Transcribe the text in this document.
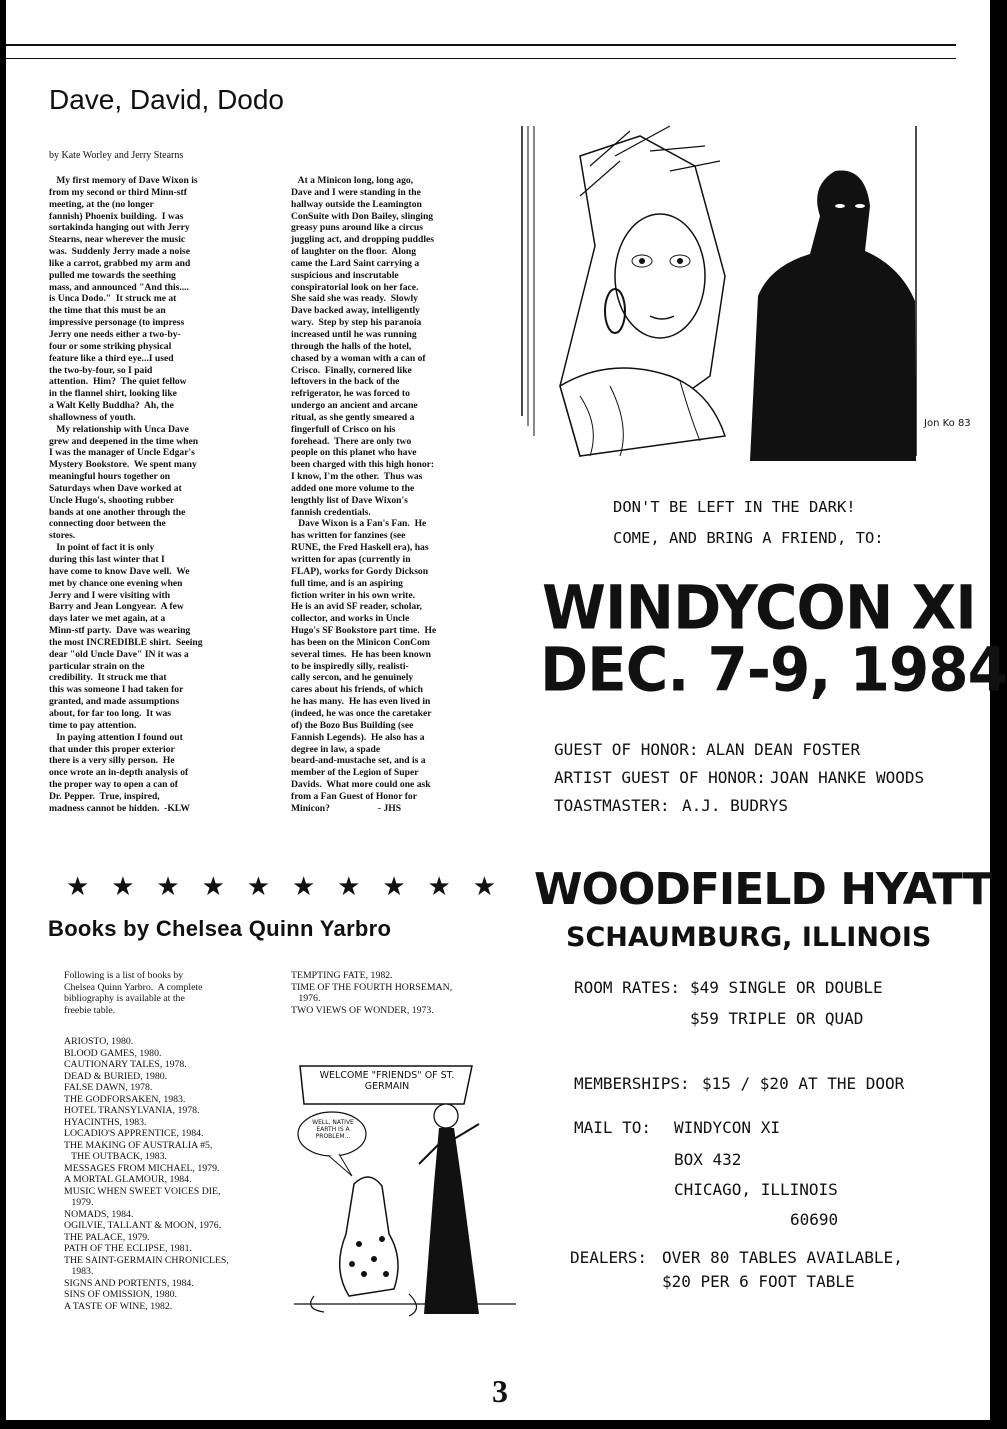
Dave, David, Dodo
by Kate Worley and Jerry Stearns
My first memory of Dave Wixon is
from my second or third Minn-stf
meeting, at the (no longer
fannish) Phoenix building.  I was
sortakinda hanging out with Jerry
Stearns, near wherever the music
was.  Suddenly Jerry made a noise
like a carrot, grabbed my arm and
pulled me towards the seething
mass, and announced "And this....
is Unca Dodo."  It struck me at
the time that this must be an
impressive personage (to impress
Jerry one needs either a two-by-
four or some striking physical
feature like a third eye...I used
the two-by-four, so I paid
attention.  Him?  The quiet fellow
in the flannel shirt, looking like
a Walt Kelly Buddha?  Ah, the
shallowness of youth.
My relationship with Unca Dave
grew and deepened in the time when
I was the manager of Uncle Edgar's
Mystery Bookstore.  We spent many
meaningful hours together on
Saturdays when Dave worked at
Uncle Hugo's, shooting rubber
bands at one another through the
connecting door between the
stores.
In point of fact it is only
during this last winter that I
have come to know Dave well.  We
met by chance one evening when
Jerry and I were visiting with
Barry and Jean Longyear.  A few
days later we met again, at a
Minn-stf party.  Dave was wearing
the most INCREDIBLE shirt.  Seeing
dear "old Uncle Dave" IN it was a
particular strain on the
credibility.  It struck me that
this was someone I had taken for
granted, and made assumptions
about, for far too long.  It was
time to pay attention.
In paying attention I found out
that under this proper exterior
there is a very silly person.  He
once wrote an in-depth analysis of
the proper way to open a can of
Dr. Pepper.  True, inspired,
madness cannot be hidden.  -KLW
At a Minicon long, long ago,
Dave and I were standing in the
hallway outside the Leamington
ConSuite with Don Bailey, slinging
greasy puns around like a circus
juggling act, and dropping puddles
of laughter on the floor.  Along
came the Lard Saint carrying a
suspicious and inscrutable
conspiratorial look on her face.
She said she was ready.  Slowly
Dave backed away, intelligently
wary.  Step by step his paranoia
increased until he was running
through the halls of the hotel,
chased by a woman with a can of
Crisco.  Finally, cornered like
leftovers in the back of the
refrigerator, he was forced to
undergo an ancient and arcane
ritual, as she gently smeared a
fingerfull of Crisco on his
forehead.  There are only two
people on this planet who have
been charged with this high honor:
I know, I'm the other.  Thus was
added one more volume to the
lengthly list of Dave Wixon's
fannish credentials.
Dave Wixon is a Fan's Fan.  He
has written for fanzines (see
RUNE, the Fred Haskell era), has
written for apas (currently in
FLAP), works for Gordy Dickson
full time, and is an aspiring
fiction writer in his own write.
He is an avid SF reader, scholar,
collector, and works in Uncle
Hugo's SF Bookstore part time.  He
has been on the Minicon ConCom
several times.  He has been known
to be inspiredly silly, realisti-
cally sercon, and he genuinely
cares about his friends, of which
he has many.  He has even lived in
(indeed, he was once the caretaker
of) the Bozo Bus Building (see
Fannish Legends).  He also has a
degree in law, a spade
beard-and-mustache set, and is a
member of the Legion of Super
Davids.  What more could one ask
from a Fan Guest of Honor for
Minicon?                    - JHS
★ ★ ★ ★ ★ ★ ★ ★ ★ ★
Books by Chelsea Quinn Yarbro
Following is a list of books by
Chelsea Quinn Yarbro.  A complete
bibliography is available at the
freebie table.
TEMPTING FATE, 1982.
TIME OF THE FOURTH HORSEMAN,
1976.
TWO VIEWS OF WONDER, 1973.
ARIOSTO, 1980.
BLOOD GAMES, 1980.
CAUTIONARY TALES, 1978.
DEAD & BURIED, 1980.
FALSE DAWN, 1978.
THE GODFORSAKEN, 1983.
HOTEL TRANSYLVANIA, 1978.
HYACINTHS, 1983.
LOCADIO'S APPRENTICE, 1984.
THE MAKING OF AUSTRALIA #5,
THE OUTBACK, 1983.
MESSAGES FROM MICHAEL, 1979.
A MORTAL GLAMOUR, 1984.
MUSIC WHEN SWEET VOICES DIE,
1979.
NOMADS, 1984.
OGILVIE, TALLANT & MOON, 1976.
THE PALACE, 1979.
PATH OF THE ECLIPSE, 1981.
THE SAINT-GERMAIN CHRONICLES,
1983.
SIGNS AND PORTENTS, 1984.
SINS OF OMISSION, 1980.
A TASTE OF WINE, 1982.
Jon Ko 83
WELCOME "FRIENDS" OF ST. GERMAIN
WELL, NATIVE EARTH IS A PROBLEM...
DON'T BE LEFT IN THE DARK!
COME, AND BRING A FRIEND, TO:
WINDYCON XI
DEC. 7-9, 1984
GUEST OF HONOR: ALAN DEAN FOSTER
ARTIST GUEST OF HONOR: JOAN HANKE WOODS
TOASTMASTER: A.J. BUDRYS
WOODFIELD HYATT
SCHAUMBURG, ILLINOIS
ROOM RATES: $49 SINGLE OR DOUBLE
$59 TRIPLE OR QUAD
MEMBERSHIPS: $15 / $20 AT THE DOOR
MAIL TO: WINDYCON XI
BOX 432
CHICAGO, ILLINOIS
60690
DEALERS: OVER 80 TABLES AVAILABLE,
$20 PER 6 FOOT TABLE
3
